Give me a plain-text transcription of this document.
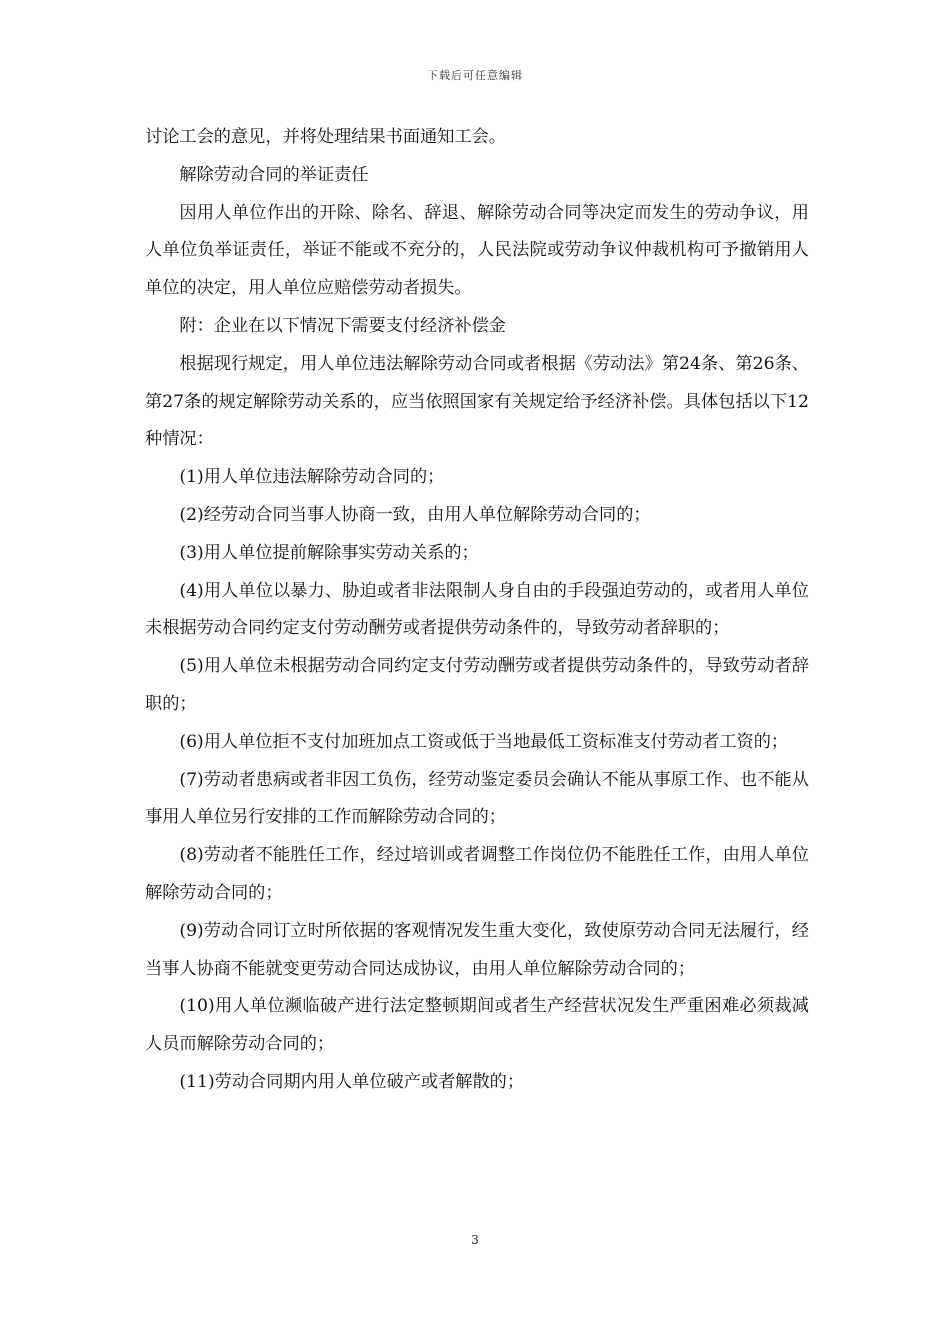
下载后可任意编辑

讨论工会的意见，并将处理结果书面通知工会。

解除劳动合同的举证责任

因用人单位作出的开除、除名、辞退、解除劳动合同等决定而发生的劳动争议，用人单位负举证责任，举证不能或不充分的，人民法院或劳动争议仲裁机构可予撤销用人单位的决定，用人单位应赔偿劳动者损失。

附：企业在以下情况下需要支付经济补偿金

根据现行规定，用人单位违法解除劳动合同或者根据《劳动法》第24条、第26条、第27条的规定解除劳动关系的，应当依照国家有关规定给予经济补偿。具体包括以下12种情况：

(1)用人单位违法解除劳动合同的；

(2)经劳动合同当事人协商一致，由用人单位解除劳动合同的；

(3)用人单位提前解除事实劳动关系的；

(4)用人单位以暴力、胁迫或者非法限制人身自由的手段强迫劳动的，或者用人单位未根据劳动合同约定支付劳动酬劳或者提供劳动条件的，导致劳动者辞职的；

(5)用人单位未根据劳动合同约定支付劳动酬劳或者提供劳动条件的，导致劳动者辞职的；

(6)用人单位拒不支付加班加点工资或低于当地最低工资标准支付劳动者工资的；

(7)劳动者患病或者非因工负伤，经劳动鉴定委员会确认不能从事原工作、也不能从事用人单位另行安排的工作而解除劳动合同的；

(8)劳动者不能胜任工作，经过培训或者调整工作岗位仍不能胜任工作，由用人单位解除劳动合同的；

(9)劳动合同订立时所依据的客观情况发生重大变化，致使原劳动合同无法履行，经当事人协商不能就变更劳动合同达成协议，由用人单位解除劳动合同的；

(10)用人单位濒临破产进行法定整顿期间或者生产经营状况发生严重困难必须裁减人员而解除劳动合同的；

(11)劳动合同期内用人单位破产或者解散的；

3
